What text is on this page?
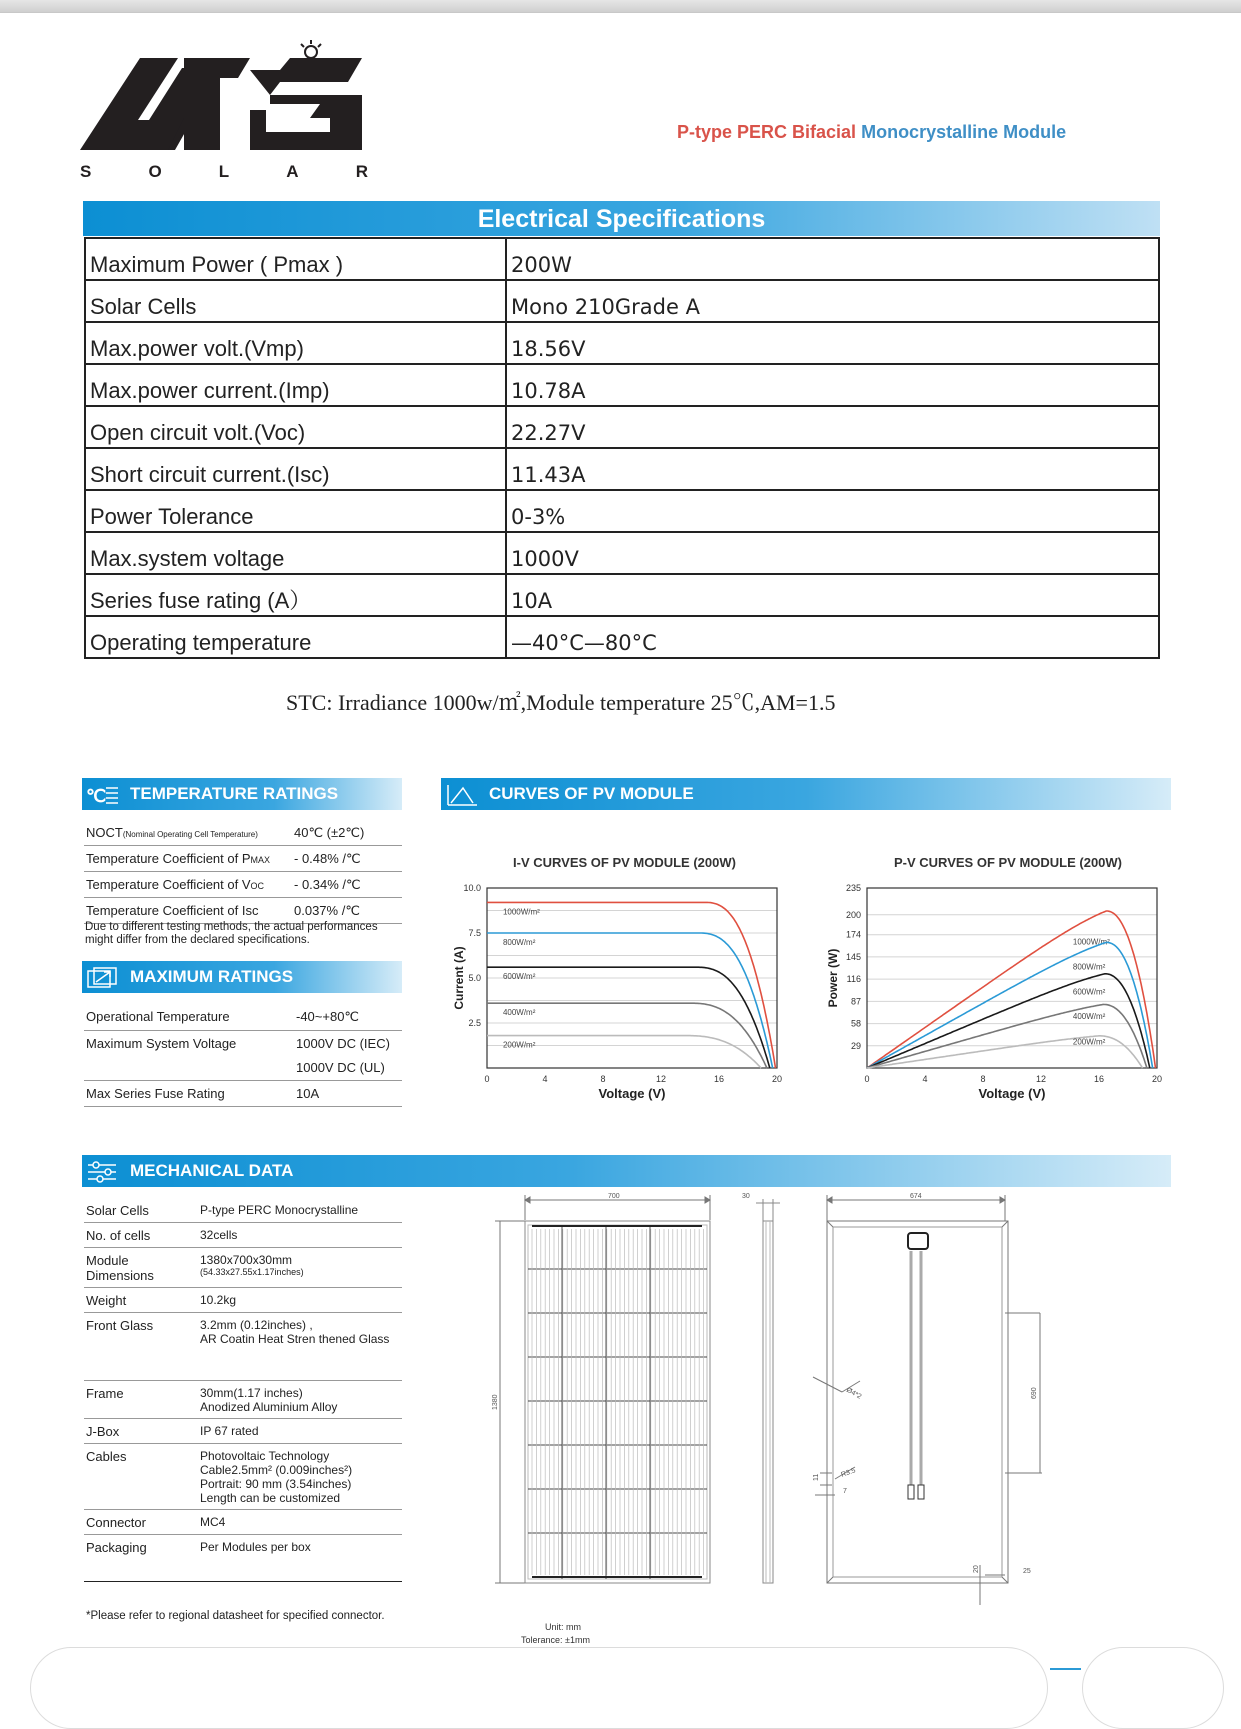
S	O	L	A	R
P-type PERC Bifacial Monocrystalline Module
Electrical Specifications
Maximum Power ( Pmax )	200W
Solar Cells	Mono 210Grade A
Max.power volt.(Vmp)	18.56V
Max.power current.(Imp)	10.78A
Open circuit volt.(Voc)	22.27V
Short circuit current.(Isc)	11.43A
Power Tolerance	0-3%
Max.system voltage	1000V
Series fuse rating (A）	10A
Operating temperature	—40°C—80°C
STC: Irradiance 1000w/㎡,Module temperature 25℃,AM=1.5
℃ TEMPERATURE RATINGS
NOCT(Nominal Operating Cell Temperature)	40℃ (±2℃)
Temperature Coefficient of PMAX	- 0.48% /℃
Temperature Coefficient of VOC	- 0.34% /℃
Temperature Coefficient of Isc	0.037% /℃
Due to different testing methods, the actual performances might differ from the declared specifications.
MAXIMUM RATINGS
Operational Temperature	-40~+80℃
Maximum System Voltage	1000V DC (IEC)
1000V DC (UL)
Max Series Fuse Rating	10A
CURVES OF PV MODULE
I-V CURVES OF PV MODULE (200W)	P-V CURVES OF PV MODULE (200W)
2.5
5.0
7.5
10.0
0	4	8	12	16	20
Voltage (V)
Current (A)
1000W/m²
800W/m²
600W/m²
400W/m²
200W/m²	29
58
87
116
145
174
200
235
0	4	8	12	16	20
Voltage (V)
Power (W)
1000W/m²
800W/m²
600W/m²
400W/m²
200W/m²
MECHANICAL DATA
Solar Cells	P-type PERC Monocrystalline
No. of cells	32cells
Module Dimensions
1380x700x30mm
(54.33x27.55x1.17inches)
Weight	10.2kg
Front Glass	3.2mm (0.12inches) ,
AR Coatin Heat Stren thened Glass
Frame	30mm(1.17 inches)
Anodized Aluminium Alloy
J-Box	IP 67 rated
Cables	Photovoltaic Technology
Cable2.5mm² (0.009inches²)
Portrait: 90 mm (3.54inches)
Length can be customized
Connector	MC4
Packaging	Per Modules per box
*Please refer to regional datasheet for specified connector.
700
1380
30	674
690
Ø4*2
R3.5
11
7
20	25
Unit: mm
Tolerance: ±1mm
